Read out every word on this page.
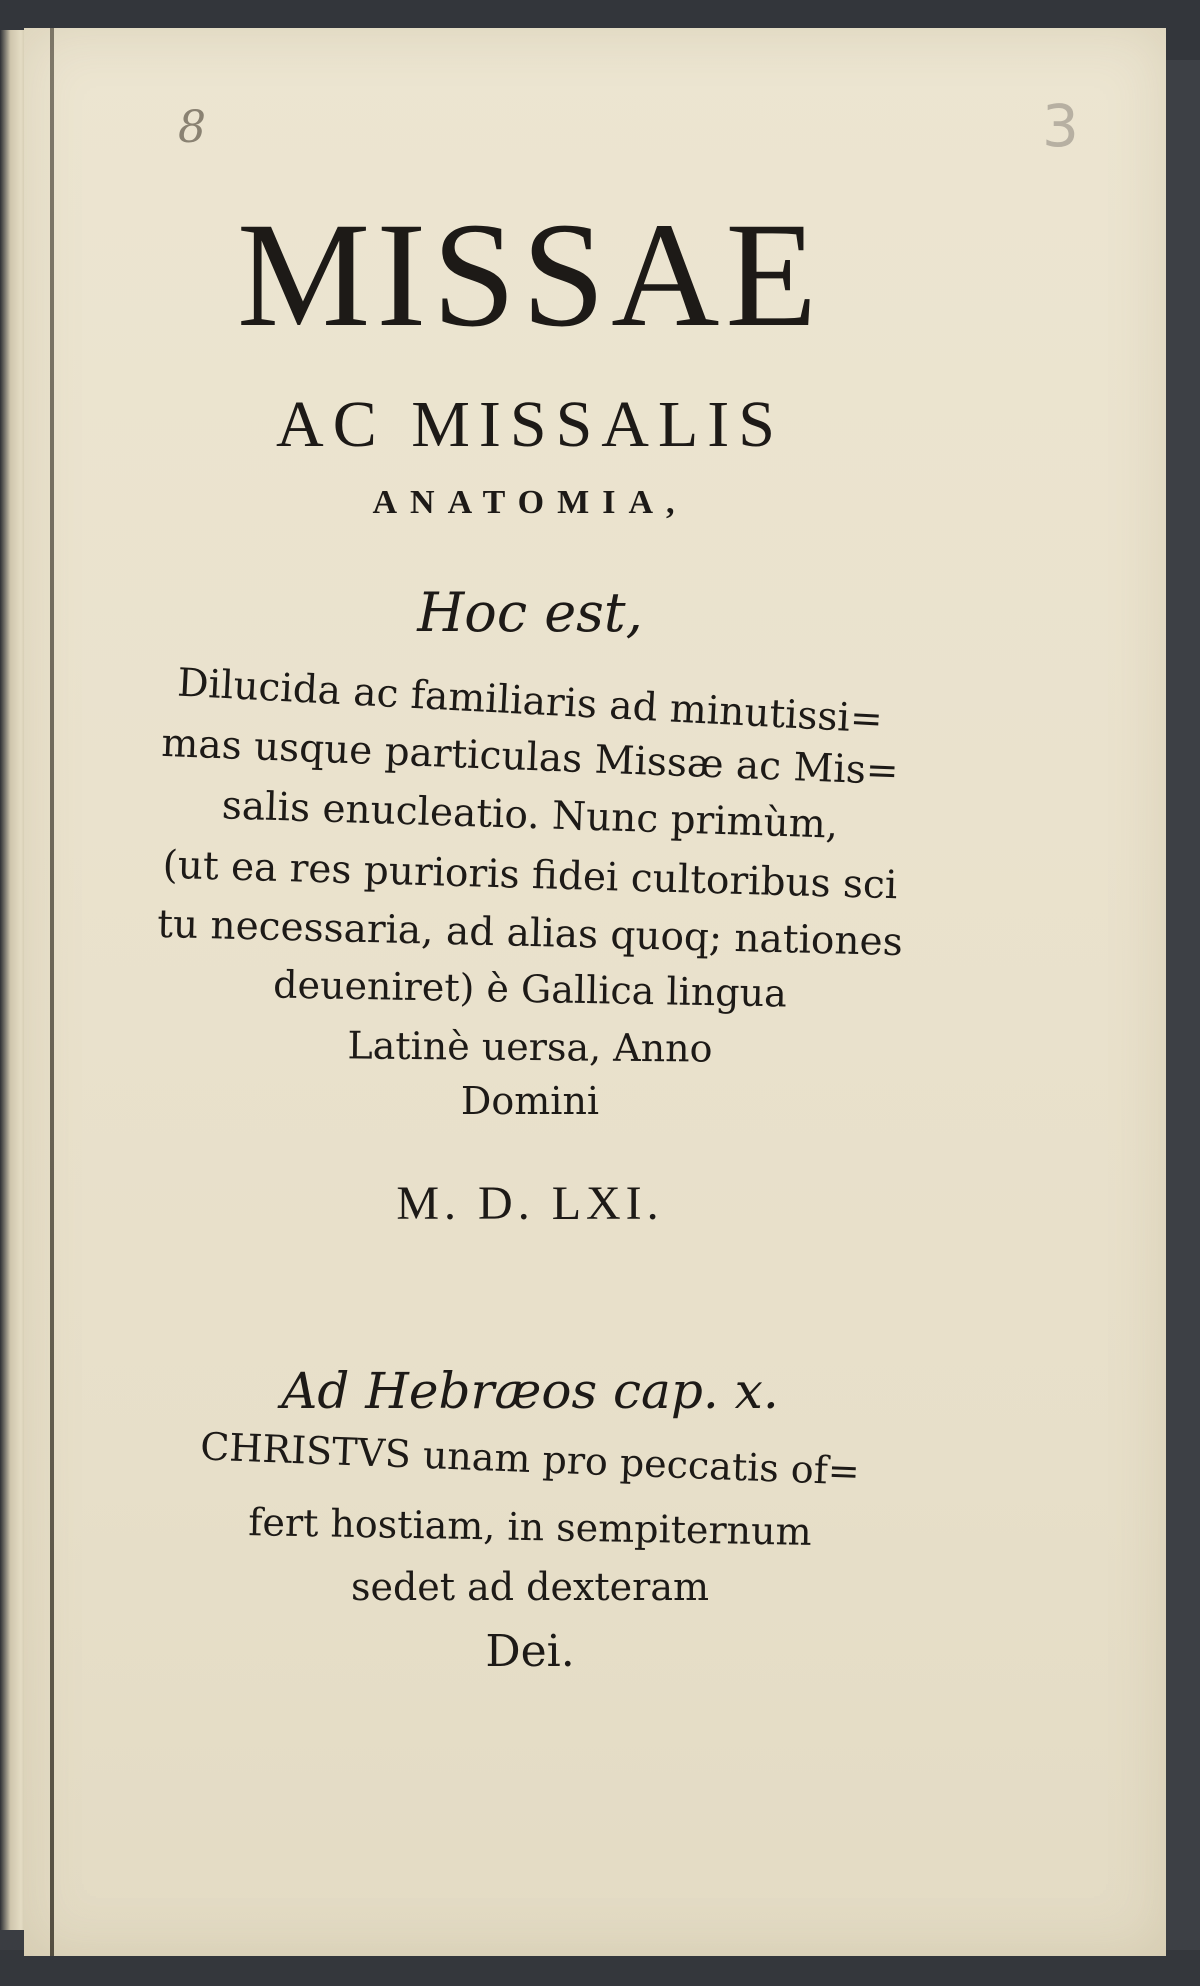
8	3
MISSAE
AC MISSALIS
ANATOMIA,
Hoc est,
Dilucida ac familiaris ad minutissi=
mas usque particulas Missæ ac Mis=
salis enucleatio. Nunc primùm,
(ut ea res purioris fidei cultoribus sci
tu necessaria, ad alias quoq; nationes
deueniret) è Gallica lingua
Latinè uersa, Anno
Domini
M. D. LXI.
Ad Hebræos cap. x.
CHRISTVS unam pro peccatis of=
fert hostiam, in sempiternum
sedet ad dexteram
Dei.
